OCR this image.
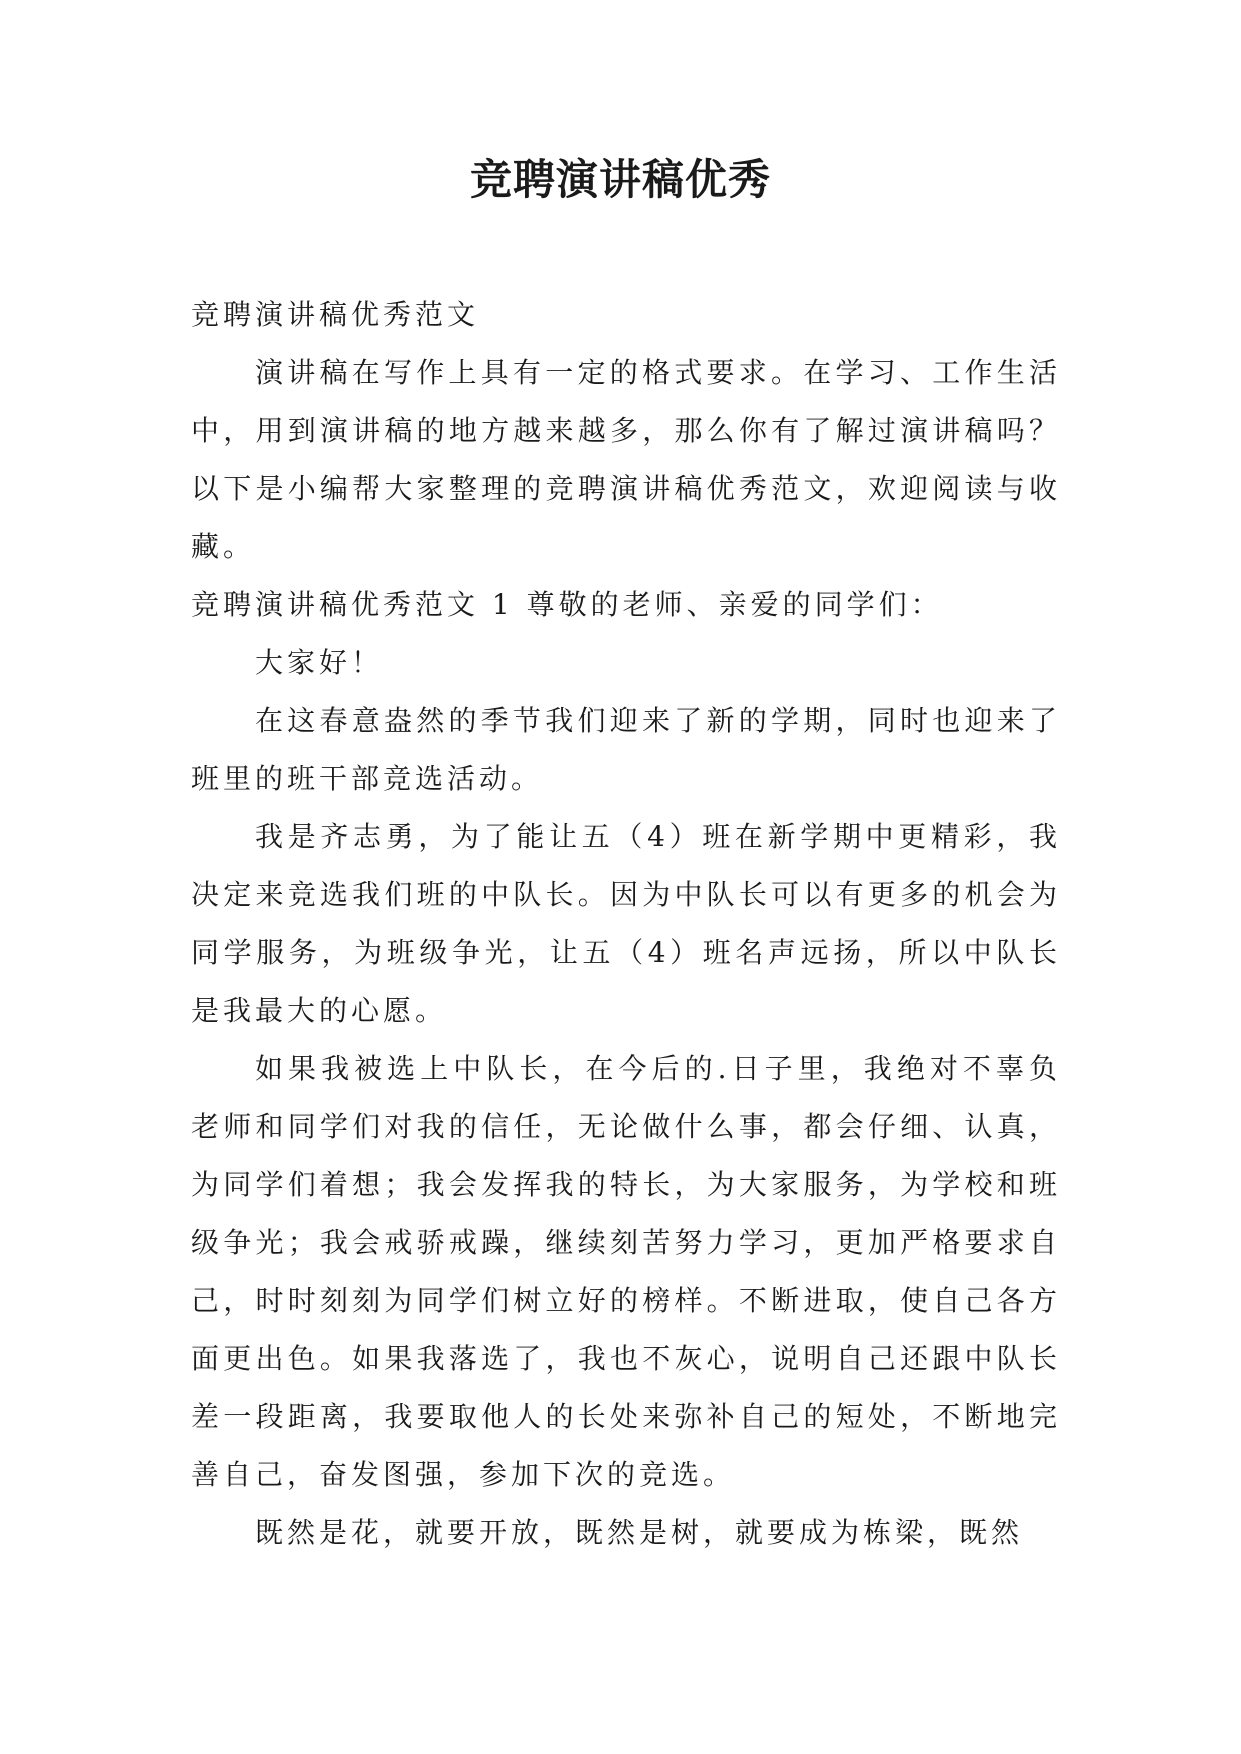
竞聘演讲稿优秀

竞聘演讲稿优秀范文

演讲稿在写作上具有一定的格式要求。在学习、工作生活中，用到演讲稿的地方越来越多，那么你有了解过演讲稿吗？以下是小编帮大家整理的竞聘演讲稿优秀范文，欢迎阅读与收藏。

竞聘演讲稿优秀范文 1 尊敬的老师、亲爱的同学们：

大家好！

在这春意盎然的季节我们迎来了新的学期，同时也迎来了班里的班干部竞选活动。

我是齐志勇，为了能让五（4）班在新学期中更精彩，我决定来竞选我们班的中队长。因为中队长可以有更多的机会为同学服务，为班级争光，让五（4）班名声远扬，所以中队长是我最大的心愿。

如果我被选上中队长，在今后的.日子里，我绝对不辜负老师和同学们对我的信任，无论做什么事，都会仔细、认真，为同学们着想；我会发挥我的特长，为大家服务，为学校和班级争光；我会戒骄戒躁，继续刻苦努力学习，更加严格要求自己，时时刻刻为同学们树立好的榜样。不断进取，使自己各方面更出色。如果我落选了，我也不灰心，说明自己还跟中队长差一段距离，我要取他人的长处来弥补自己的短处，不断地完善自己，奋发图强，参加下次的竞选。

既然是花，就要开放，既然是树，就要成为栋梁，既然
